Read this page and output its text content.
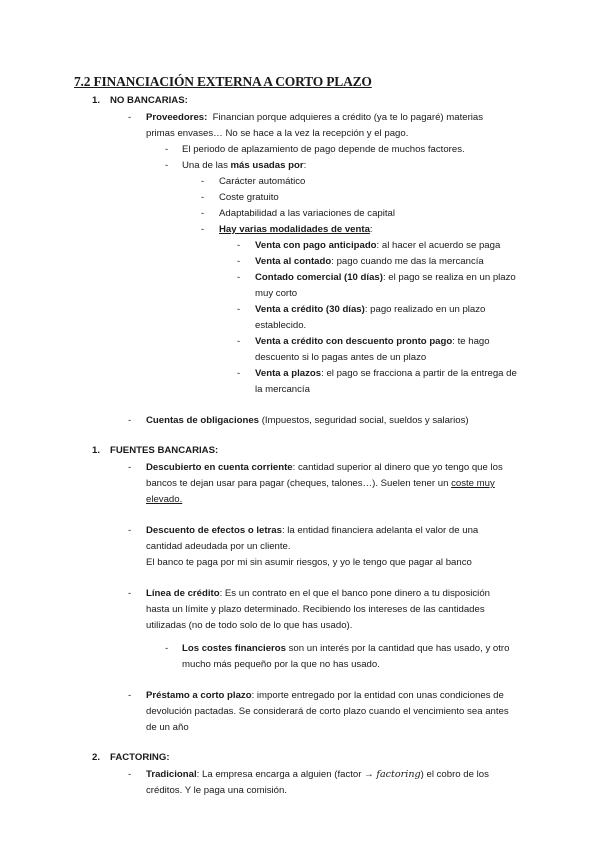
7.2 FINANCIACIÓN EXTERNA A CORTO PLAZO
1. NO BANCARIAS:
- Proveedores: Financian porque adquieres a crédito (ya te lo pagaré) materias
primas envases… No se hace a la vez la recepción y el pago.
- El periodo de aplazamiento de pago depende de muchos factores.
- Una de las más usadas por:
- Carácter automático
- Coste gratuito
- Adaptabilidad a las variaciones de capital
- Hay varias modalidades de venta:
- Venta con pago anticipado: al hacer el acuerdo se paga
- Venta al contado: pago cuando me das la mercancía
- Contado comercial (10 días): el pago se realiza en un plazo
muy corto
- Venta a crédito (30 días): pago realizado en un plazo
establecido.
- Venta a crédito con descuento pronto pago: te hago
descuento si lo pagas antes de un plazo
- Venta a plazos: el pago se fracciona a partir de la entrega de
la mercancía
- Cuentas de obligaciones (Impuestos, seguridad social, sueldos y salarios)
1. FUENTES BANCARIAS:
- Descubierto en cuenta corriente: cantidad superior al dinero que yo tengo que los
bancos te dejan usar para pagar (cheques, talones…). Suelen tener un coste muy
elevado.
- Descuento de efectos o letras: la entidad financiera adelanta el valor de una
cantidad adeudada por un cliente.
El banco te paga por mi sin asumir riesgos, y yo le tengo que pagar al banco
- Línea de crédito: Es un contrato en el que el banco pone dinero a tu disposición
hasta un límite y plazo determinado. Recibiendo los intereses de las cantidades
utilizadas (no de todo solo de lo que has usado).
- Los costes financieros son un interés por la cantidad que has usado, y otro
mucho más pequeño por la que no has usado.
- Préstamo a corto plazo: importe entregado por la entidad con unas condiciones de
devolución pactadas. Se considerará de corto plazo cuando el vencimiento sea antes
de un año
2. FACTORING:
- Tradicional: La empresa encarga a alguien (factor → factoring) el cobro de los
créditos. Y le paga una comisión.
